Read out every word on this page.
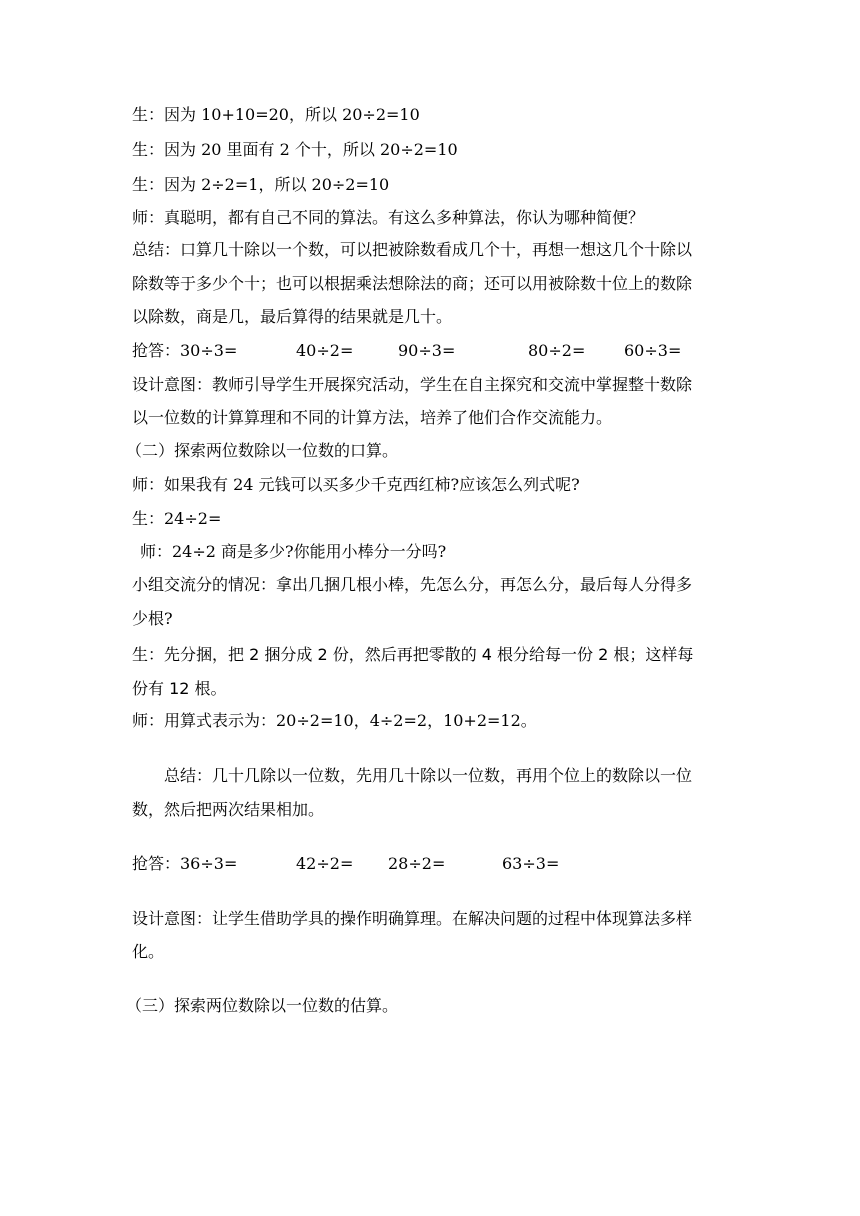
生：因为 10+10=20，所以 20÷2=10
生：因为 20 里面有 2 个十，所以 20÷2=10
生：因为 2÷2=1，所以 20÷2=10
师：真聪明，都有自己不同的算法。有这么多种算法，你认为哪种简便？
总结：口算几十除以一个数，可以把被除数看成几个十，再想一想这几个十除以
除数等于多少个十；也可以根据乘法想除法的商；还可以用被除数十位上的数除
以除数，商是几，最后算得的结果就是几十。
抢答： 30÷3=	40÷2=	90÷3=	80÷2= 60÷3=
设计意图：教师引导学生开展探究活动，学生在自主探究和交流中掌握整十数除
以一位数的计算算理和不同的计算方法，培养了他们合作交流能力。
（二）探索两位数除以一位数的口算。
师：如果我有 24 元钱可以买多少千克西红柿?应该怎么列式呢?
生：24÷2=
师：24÷2 商是多少?你能用小棒分一分吗?
小组交流分的情况：拿出几捆几根小棒，先怎么分，再怎么分，最后每人分得多
少根?
生：先分捆，把 2 捆分成 2 份，然后再把零散的 4 根分给每一份 2 根；这样每
份有 12 根。
师：用算式表示为：20÷2=10，4÷2=2，10+2=12。
总结：几十几除以一位数，先用几十除以一位数，再用个位上的数除以一位
数，然后把两次结果相加。
抢答： 36÷3=	42÷2= 28÷2=	63÷3=
设计意图：让学生借助学具的操作明确算理。在解决问题的过程中体现算法多样
化。
（三）探索两位数除以一位数的估算。
